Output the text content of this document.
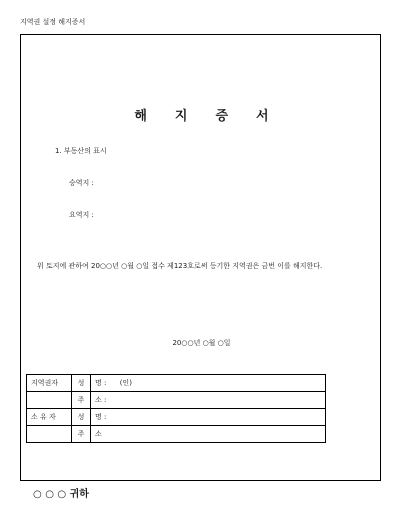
지역권 설정 해지증서
해지증서
1. 부동산의 표시
승역지 :
요역지 :
위 토지에 관하여 20○○년 ○월 ○일 접수 제123호로써 등기한 지역권은 금번 이를 해지한다.
20○○년 ○월 ○일
지역권자	성	명 :      (인)
	주	소 :
소 유 자	성	명 :
	주	소
○ ○ ○ 귀하
